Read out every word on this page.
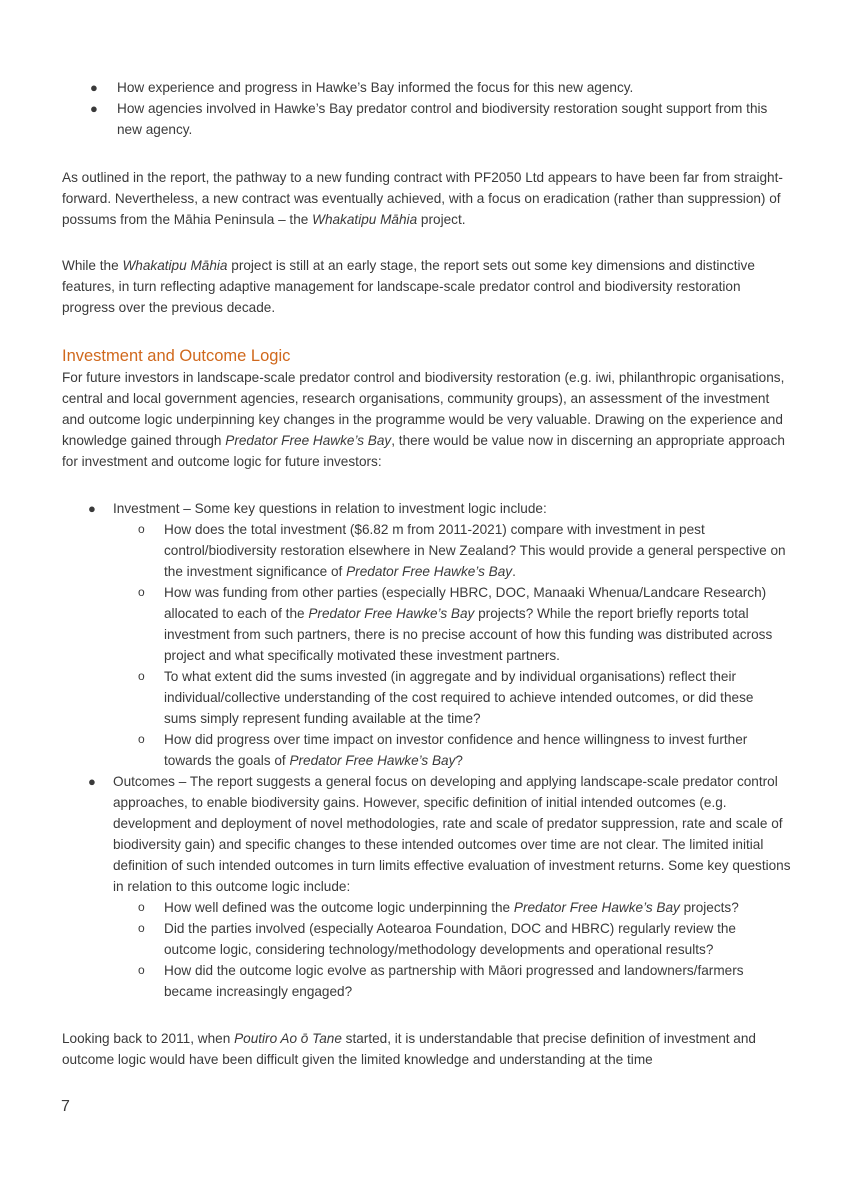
● How experience and progress in Hawke’s Bay informed the focus for this new agency.

● How agencies involved in Hawke’s Bay predator control and biodiversity restoration sought support from this new agency.

As outlined in the report, the pathway to a new funding contract with PF2050 Ltd appears to have been far from straight-forward. Nevertheless, a new contract was eventually achieved, with a focus on eradication (rather than suppression) of possums from the Māhia Peninsula – the Whakatipu Māhia project.

While the Whakatipu Māhia project is still at an early stage, the report sets out some key dimensions and distinctive features, in turn reflecting adaptive management for landscape-scale predator control and biodiversity restoration progress over the previous decade.

Investment and Outcome Logic

For future investors in landscape-scale predator control and biodiversity restoration (e.g. iwi, philanthropic organisations, central and local government agencies, research organisations, community groups), an assessment of the investment and outcome logic underpinning key changes in the programme would be very valuable. Drawing on the experience and knowledge gained through Predator Free Hawke’s Bay, there would be value now in discerning an appropriate approach for investment and outcome logic for future investors:

● Investment – Some key questions in relation to investment logic include:

o How does the total investment ($6.82 m from 2011-2021) compare with investment in pest control/biodiversity restoration elsewhere in New Zealand? This would provide a general perspective on the investment significance of Predator Free Hawke’s Bay.

o How was funding from other parties (especially HBRC, DOC, Manaaki Whenua/Landcare Research) allocated to each of the Predator Free Hawke’s Bay projects? While the report briefly reports total investment from such partners, there is no precise account of how this funding was distributed across project and what specifically motivated these investment partners.

o To what extent did the sums invested (in aggregate and by individual organisations) reflect their individual/collective understanding of the cost required to achieve intended outcomes, or did these sums simply represent funding available at the time?

o How did progress over time impact on investor confidence and hence willingness to invest further towards the goals of Predator Free Hawke’s Bay?

● Outcomes – The report suggests a general focus on developing and applying landscape-scale predator control approaches, to enable biodiversity gains. However, specific definition of initial intended outcomes (e.g. development and deployment of novel methodologies, rate and scale of predator suppression, rate and scale of biodiversity gain) and specific changes to these intended outcomes over time are not clear. The limited initial definition of such intended outcomes in turn limits effective evaluation of investment returns. Some key questions in relation to this outcome logic include:

o How well defined was the outcome logic underpinning the Predator Free Hawke’s Bay projects?

o Did the parties involved (especially Aotearoa Foundation, DOC and HBRC) regularly review the outcome logic, considering technology/methodology developments and operational results?

o How did the outcome logic evolve as partnership with Māori progressed and landowners/farmers became increasingly engaged?

Looking back to 2011, when Poutiro Ao ō Tane started, it is understandable that precise definition of investment and outcome logic would have been difficult given the limited knowledge and understanding at the time

7
